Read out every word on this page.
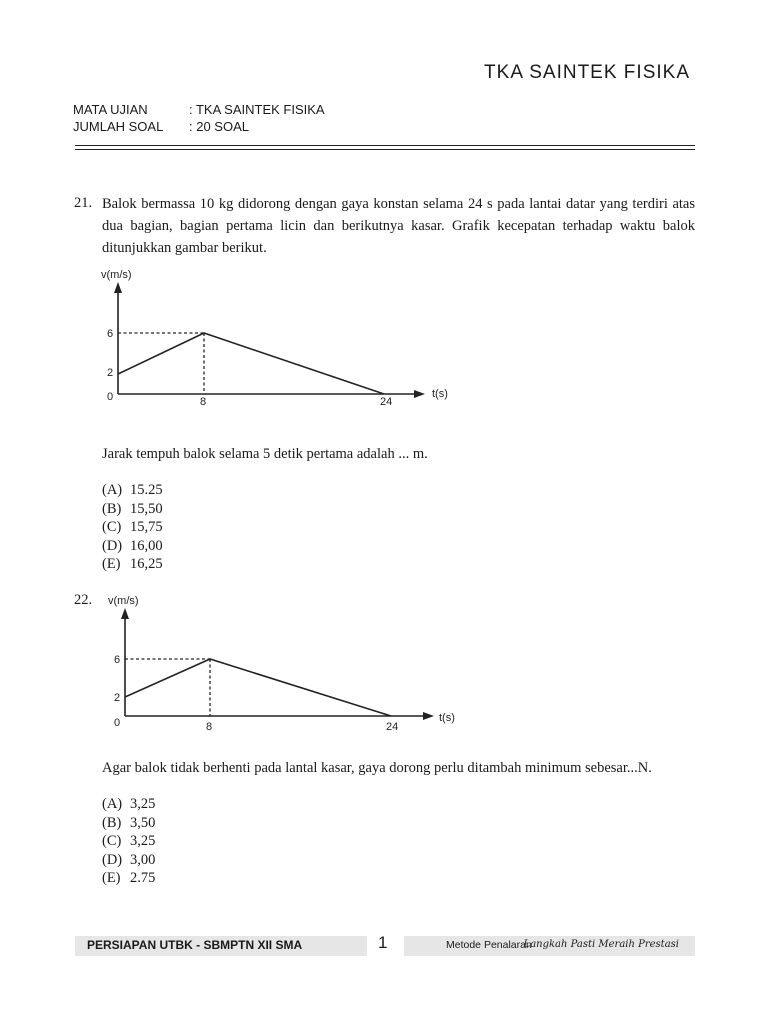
TKA SAINTEK FISIKA
MATA UJIAN	: TKA SAINTEK FISIKA
JUMLAH SOAL : 20 SOAL
21. Balok bermassa 10 kg didorong dengan gaya konstan selama 24 s pada lantai datar yang terdiri atas dua bagian, bagian pertama licin dan berikutnya kasar. Grafik kecepatan terhadap waktu balok ditunjukkan gambar berikut.
v(m/s)
t(s)
0
2
6
8	24
Jarak tempuh balok selama 5 detik pertama adalah ... m.
(A) 15.25
(B) 15,50
(C) 15,75
(D) 16,00
(E) 16,25
22. v(m/s)
t(s)
0
2
6
8	24
Agar balok tidak berhenti pada lantal kasar, gaya dorong perlu ditambah minimum sebesar...N.
(A) 3,25
(B) 3,50
(C) 3,25
(D) 3,00
(E) 2.75
PERSIAPAN UTBK - SBMPTN XII SMA	1	Metode Penalaran
Langkah Pasti Meraih Prestasi
